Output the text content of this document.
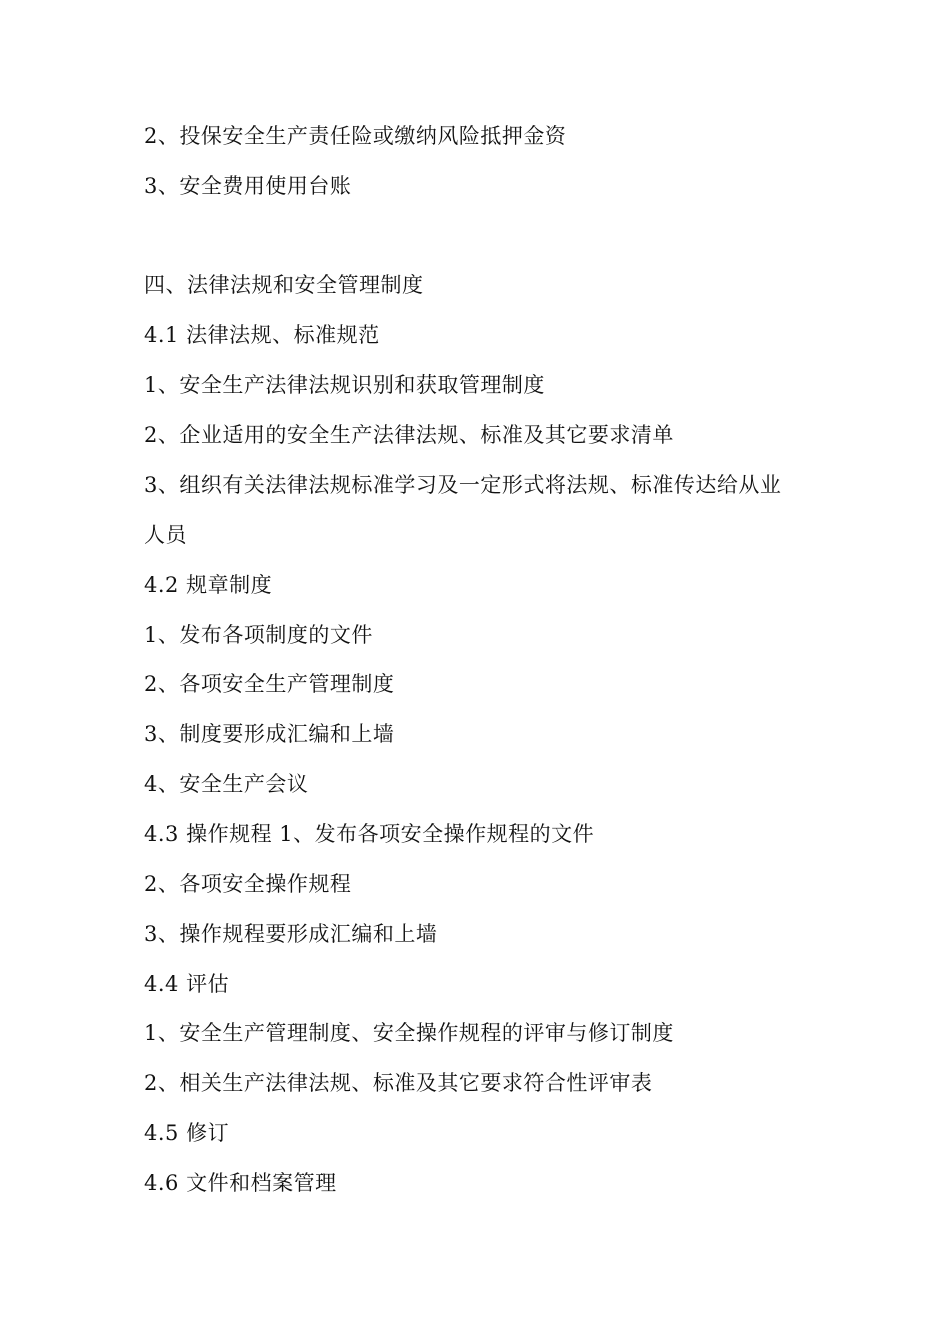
2、投保安全生产责任险或缴纳风险抵押金资
3、安全费用使用台账
四、法律法规和安全管理制度
4.1 法律法规、标准规范
1、安全生产法律法规识别和获取管理制度
2、企业适用的安全生产法律法规、标准及其它要求清单
3、组织有关法律法规标准学习及一定形式将法规、标准传达给从业
人员
4.2 规章制度
1、发布各项制度的文件
2、各项安全生产管理制度
3、制度要形成汇编和上墙
4、安全生产会议
4.3 操作规程 1、发布各项安全操作规程的文件
2、各项安全操作规程
3、操作规程要形成汇编和上墙
4.4 评估
1、安全生产管理制度、安全操作规程的评审与修订制度
2、相关生产法律法规、标准及其它要求符合性评审表
4.5 修订
4.6 文件和档案管理
